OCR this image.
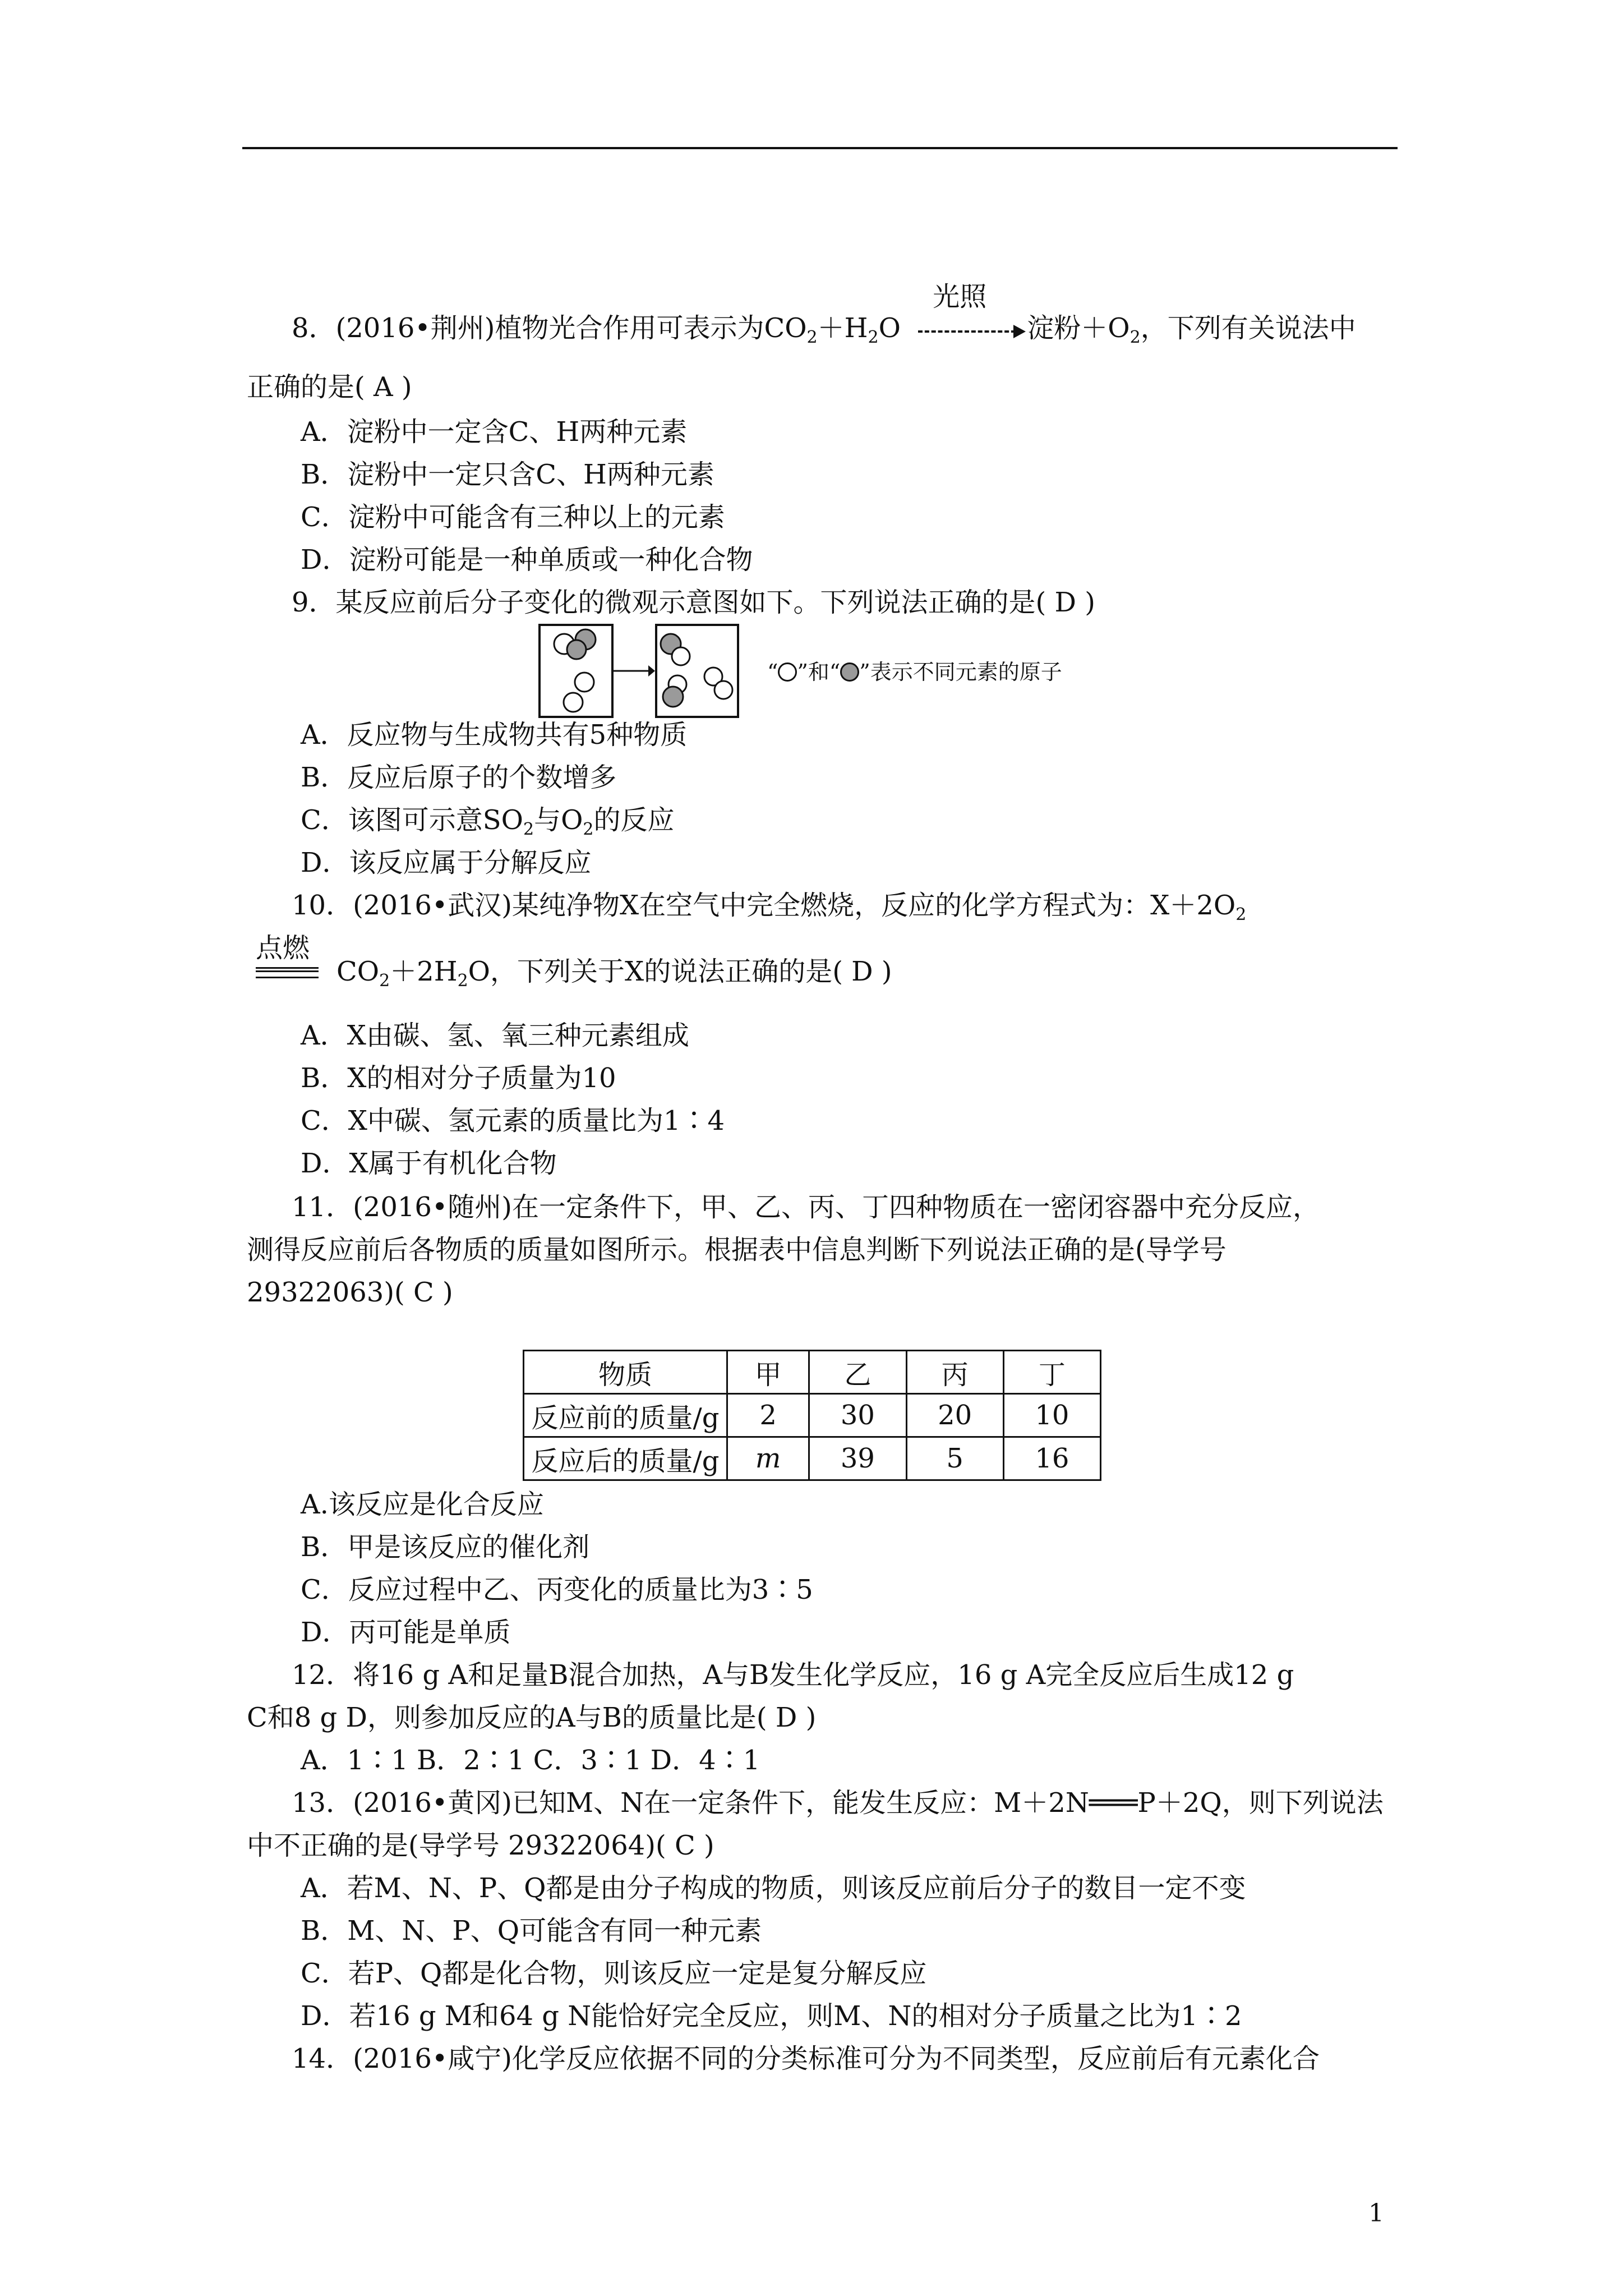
8．(2016•荆州)植物光合作用可表示为$CO_2+H_2O$
光照
淀粉$+O_2$，下列有关说法中
正确的是( A )
A．淀粉中一定含C、H两种元素
B．淀粉中一定只含C、H两种元素
C．淀粉中可能含有三种以上的元素
D．淀粉可能是一种单质或一种化合物
9．某反应前后分子变化的微观示意图如下。下列说法正确的是( D )
“ ”和“ ”表示不同元素的原子
A．反应物与生成物共有5种物质
B．反应后原子的个数增多
C．该图可示意$SO_2$与$O_2$的反应
D．该反应属于分解反应
10．(2016•武汉)某纯净物X在空气中完全燃烧，反应的化学方程式为：$X+2O_2$
点燃
$CO_2+2H_2O$，下列关于X的说法正确的是( D )
A．X由碳、氢、氧三种元素组成
B．X的相对分子质量为10
C．X中碳、氢元素的质量比为1∶4
D．X属于有机化合物
11．(2016•随州)在一定条件下，甲、乙、丙、丁四种物质在一密闭容器中充分反应，
测得反应前后各物质的质量如图所示。根据表中信息判断下列说法正确的是(导学号
29322063)( C )
物质	甲	乙	丙	丁
反应前的质量/g	2	30	20	10
反应后的质量/g	m	39	5	16
A.该反应是化合反应
B．甲是该反应的催化剂
C．反应过程中乙、丙变化的质量比为3∶5
D．丙可能是单质
12．将16 g A和足量B混合加热，A与B发生化学反应，16 g A完全反应后生成12 g
C和8 g D，则参加反应的A与B的质量比是( D )
A．1∶1 B．2∶1 C．3∶1 D．4∶1
13．(2016•黄冈)已知M、N在一定条件下，能发生反应：M＋2N═══P＋2Q，则下列说法
中不正确的是(导学号 29322064)( C )
A．若M、N、P、Q都是由分子构成的物质，则该反应前后分子的数目一定不变
B．M、N、P、Q可能含有同一种元素
C．若P、Q都是化合物，则该反应一定是复分解反应
D．若16 g M和64 g N能恰好完全反应，则M、N的相对分子质量之比为1∶2
14．(2016•咸宁)化学反应依据不同的分类标准可分为不同类型，反应前后有元素化合
1
